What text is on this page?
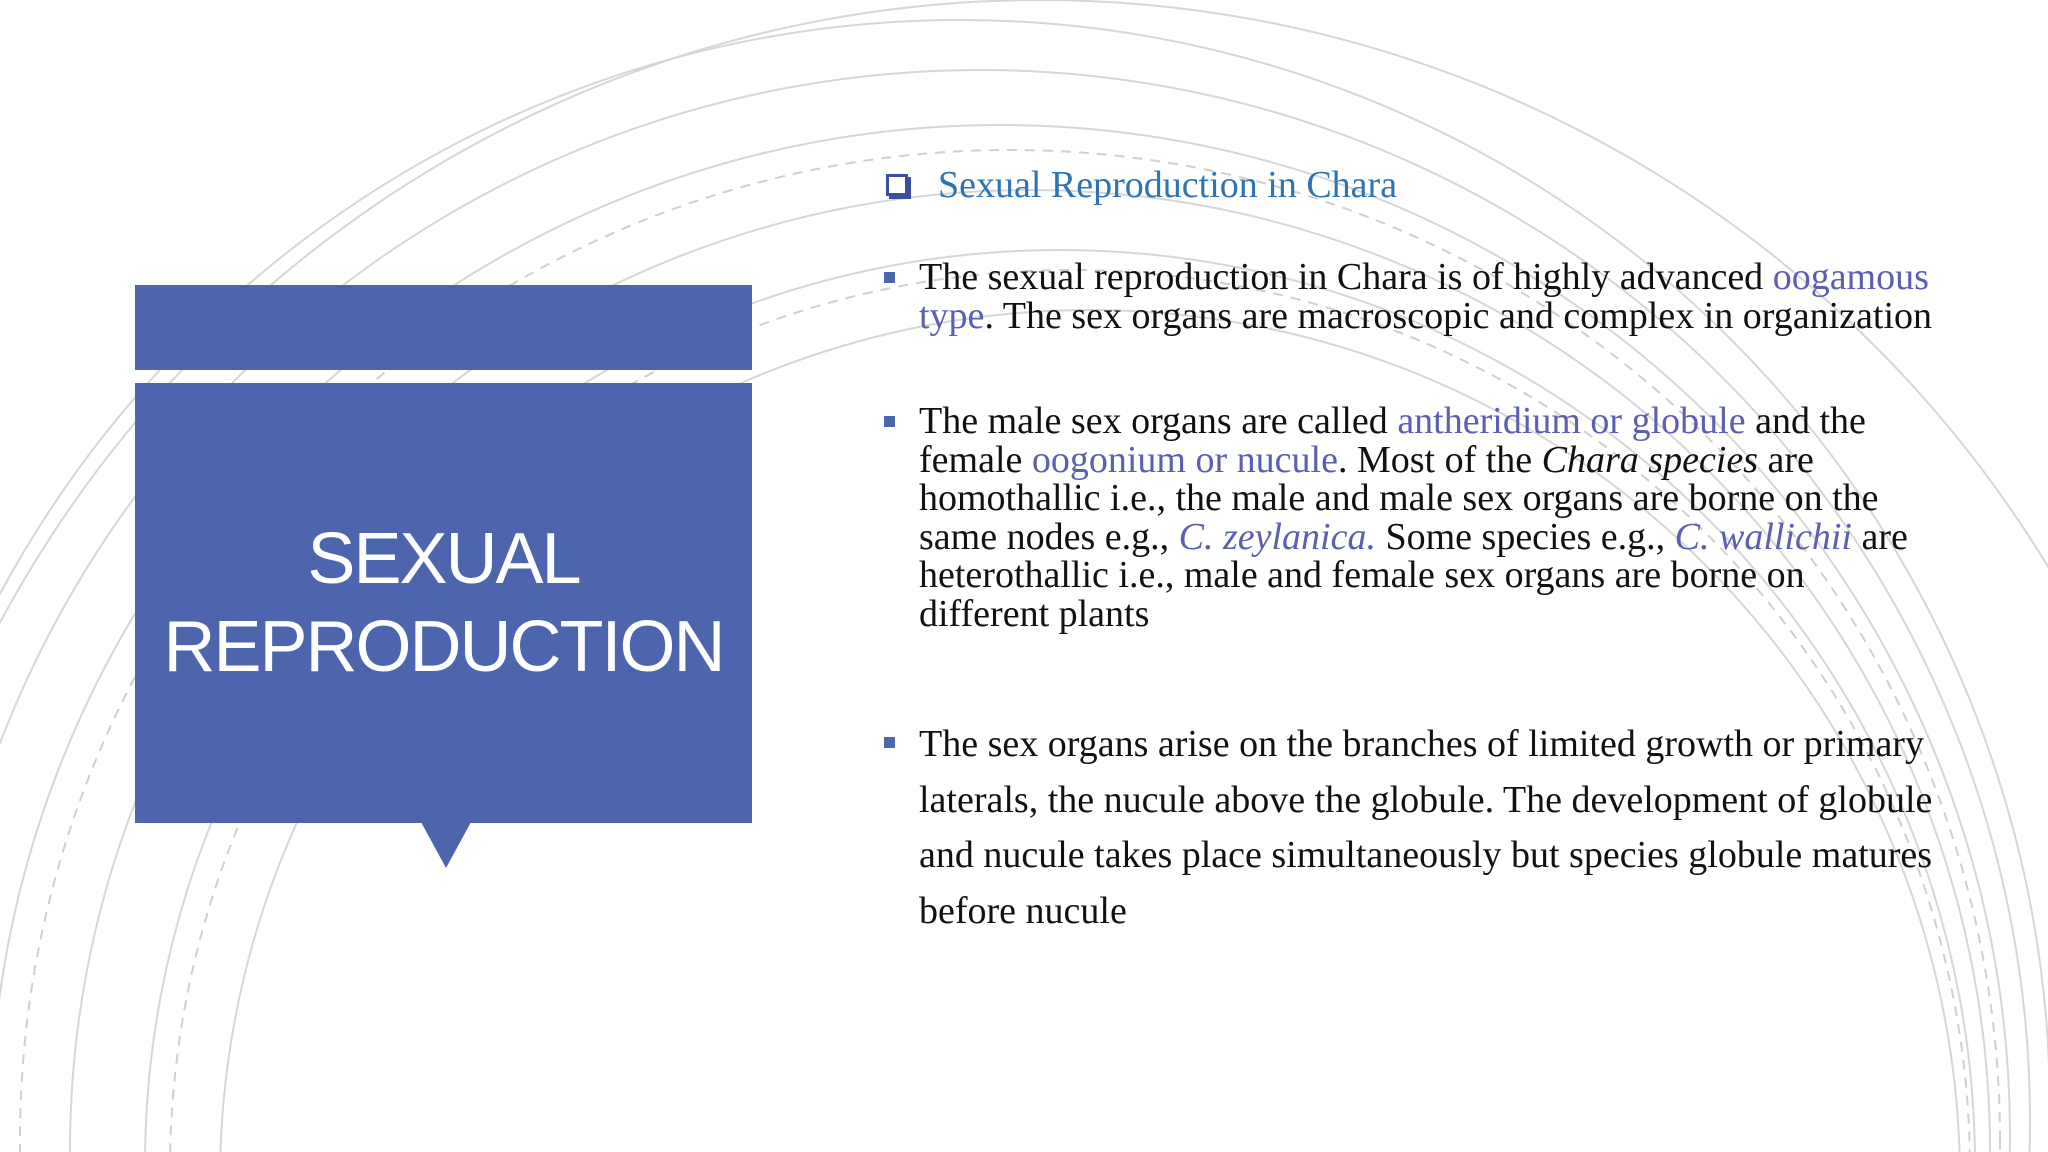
SEXUAL
REPRODUCTION
Sexual Reproduction in Chara
The sexual reproduction in Chara is of highly advanced oogamous type. The sex organs are macroscopic and complex in organization
The male sex organs are called antheridium or globule and the female oogonium or nucule. Most of the Chara species are homothallic i.e., the male and male sex organs are borne on the same nodes e.g., C. zeylanica. Some species e.g., C. wallichii are heterothallic i.e., male and female sex organs are borne on different plants
The sex organs arise on the branches of limited growth or primary laterals, the nucule above the globule. The development of globule and nucule takes place simultaneously but species globule matures before nucule
